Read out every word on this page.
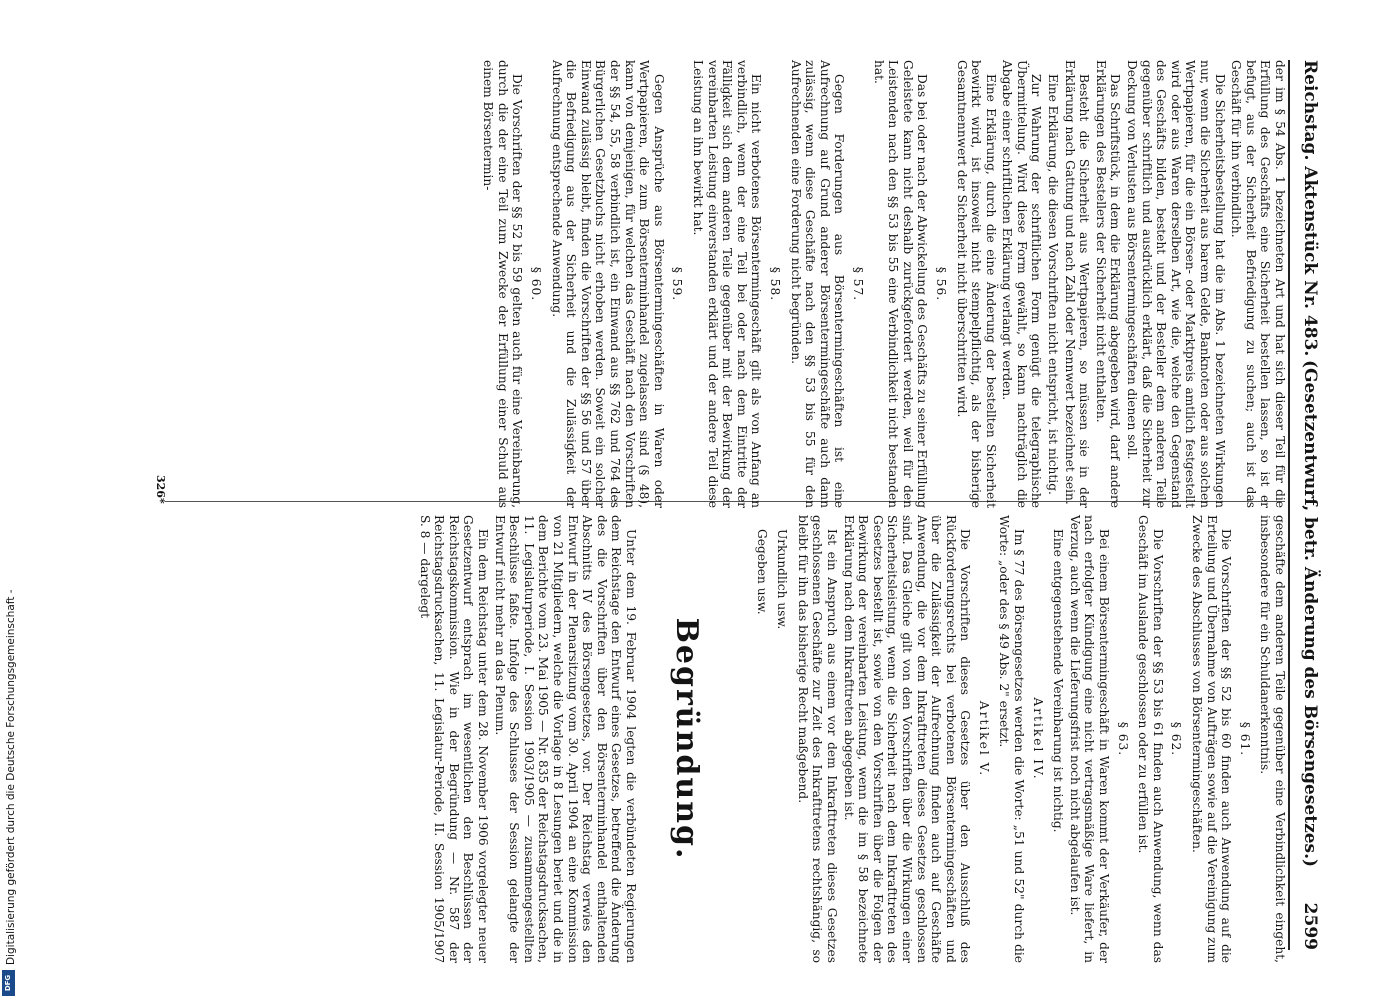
Reichstag. Aktenstück Nr. 483.
(Gesetzentwurf, betr. Änderung des Börsengesetzes.)
2599

der im § 54 Abs. 1 bezeichneten Art und hat sich dieser Teil für die Erfüllung des Geschäfts eine Sicherheit bestellen lassen, so ist er befugt, aus der Sicherheit Befriedigung zu suchen; auch ist das Geschäft für ihn verbindlich.

Die Sicherheitsbestellung hat die im Abs. 1 bezeichneten Wirkungen nur, wenn die Sicherheit aus barem Gelde, Banknoten oder aus solchen Wertpapieren, für die ein Börsen- oder Marktpreis amtlich festgestellt wird oder aus Waren derselben Art, wie die, welche den Gegenstand des Geschäfts bilden, besteht und der Besteller dem anderen Teile gegenüber schriftlich und ausdrücklich erklärt, daß die Sicherheit zur Deckung von Verlusten aus Börsentermingeschäften dienen soll.

Das Schriftstück, in dem die Erklärung abgegeben wird, darf andere Erklärungen des Bestellers der Sicherheit nicht enthalten.

Besteht die Sicherheit aus Wertpapieren, so müssen sie in der Erklärung nach Gattung und nach Zahl oder Nennwert bezeichnet sein.

Eine Erklärung, die diesen Vorschriften nicht entspricht, ist nichtig.

Zur Wahrung der schriftlichen Form genügt die telegraphische Übermittelung. Wird diese Form gewählt, so kann nachträglich die Abgabe einer schriftlichen Erklärung verlangt werden.

Eine Erklärung, durch die eine Änderung der bestellten Sicherheit bewirkt wird, ist insoweit nicht stempelpflichtig, als der bisherige Gesamtnennwert der Sicherheit nicht überschritten wird.

§ 56.

Das bei oder nach der Abwickelung des Geschäfts zu seiner Erfüllung Geleistete kann nicht deshalb zurückgefordert werden, weil für den Leistenden nach den §§ 53 bis 55 eine Verbindlichkeit nicht bestanden hat.

§ 57.

Gegen Forderungen aus Börsentermingeschäften ist eine Aufrechnung auf Grund anderer Börsentermingeschäfte auch dann zulässig, wenn diese Geschäfte nach den §§ 53 bis 55 für den Aufrechnenden eine Forderung nicht begründen.

§ 58.

Ein nicht verbotenes Börsentermingeschäft gilt als von Anfang an verbindlich, wenn der eine Teil bei oder nach dem Eintritte der Fälligkeit sich dem anderen Teile gegenüber mit der Bewirkung der vereinbarten Leistung einverstanden erklärt und der andere Teil diese Leistung an ihn bewirkt hat.

§ 59.

Gegen Ansprüche aus Börsentermingeschäften in Waren oder Wertpapieren, die zum Börsenterminhandel zugelassen sind (§ 48), kann von demjenigen, für welchen das Geschäft nach den Vorschriften der §§ 54, 55, 58 verbindlich ist, ein Einwand aus §§ 762 und 764 des Bürgerlichen Gesetzbuchs nicht erhoben werden. Soweit ein solcher Einwand zulässig bleibt, finden die Vorschriften der §§ 56 und 57 über die Befriedigung aus der Sicherheit und die Zulässigkeit der Aufrechnung entsprechende Anwendung.

§ 60.

Die Vorschriften der §§ 52 bis 59 gelten auch für eine Vereinbarung, durch die der eine Teil zum Zwecke der Erfüllung einer Schuld aus einem Börsentermin-

geschäfte dem anderen Teile gegenüber eine Verbindlichkeit eingeht, insbesondere für ein Schuldanerkenntnis.

§ 61.

Die Vorschriften der §§ 52 bis 60 finden auch Anwendung auf die Erteilung und Übernahme von Aufträgen sowie auf die Vereinigung zum Zwecke des Abschlusses von Börsentermingeschäften.

§ 62.

Die Vorschriften der §§ 53 bis 61 finden auch Anwendung, wenn das Geschäft im Auslande geschlossen oder zu erfüllen ist.

§ 63.

Bei einem Börsentermingeschäft in Waren kommt der Verkäufer, der nach erfolgter Kündigung eine nicht vertragsmäßige Ware liefert, in Verzug, auch wenn die Lieferungsfrist noch nicht abgelaufen ist.

Eine entgegenstehende Vereinbarung ist nichtig.

Artikel IV.

Im § 77 des Börsengesetzes werden die Worte: „51 und 52" durch die Worte: „oder des § 49 Abs. 2" ersetzt.

Artikel V.

Die Vorschriften dieses Gesetzes über den Ausschluß des Rückforderungsrechts bei verbotenen Börsentermingeschäften und über die Zulässigkeit der Aufrechnung finden auch auf Geschäfte Anwendung, die vor dem Inkrafttreten dieses Gesetzes geschlossen sind. Das Gleiche gilt von den Vorschriften über die Wirkungen einer Sicherheitsleistung, wenn die Sicherheit nach dem Inkrafttreten des Gesetzes bestellt ist, sowie von den Vorschriften über die Folgen der Bewirkung der vereinbarten Leistung, wenn die im § 58 bezeichnete Erklärung nach dem Inkrafttreten abgegeben ist.

Ist ein Anspruch aus einem vor dem Inkrafttreten dieses Gesetzes geschlossenen Geschäfte zur Zeit des Inkrafttretens rechtshängig, so bleibt für ihn das bisherige Recht maßgebend.

Urkundlich usw.

Gegeben usw.

Begründung.

Unter dem 19. Februar 1904 legten die verbündeten Regierungen dem Reichstage den Entwurf eines Gesetzes, betreffend die Änderung des die Vorschriften über den Börsenterminhandel enthaltenden Abschnitts IV des Börsengesetzes, vor. Der Reichstag verwies den Entwurf in der Plenarsitzung vom 30. April 1904 an eine Kommission von 21 Mitgliedern, welche die Vorlage in 8 Lesungen beriet und die in dem Berichte vom 23. Mai 1905 — Nr. 835 der Reichstagsdrucksachen, 11. Legislaturperiode, I. Session 1903/1905 — zusammengestellten Beschlüsse faßte. Infolge des Schlusses der Session gelangte der Entwurf nicht mehr an das Plenum.

Ein dem Reichstag unter dem 28. November 1906 vorgelegter neuer Gesetzentwurf entsprach im wesentlichen den Beschlüssen der Reichstagskommission. Wie in der Begründung — Nr. 587 der Reichstagsdrucksachen, 11. Legislatur-Periode, II. Session 1905/1907 S. 8 — dargelegt

326*
Digitalisierung gefördert durch die Deutsche Forschungsgemeinschaft -
DFG
